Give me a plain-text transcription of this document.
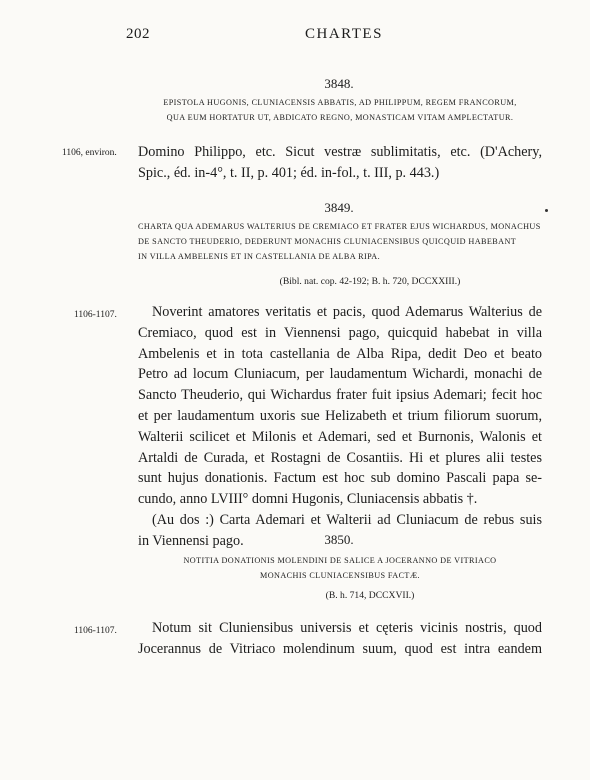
202	CHARTES
3848.
EPISTOLA HUGONIS, CLUNIACENSIS ABBATIS, AD PHILIPPUM, REGEM FRANCORUM,
QUA EUM HORTATUR UT, ABDICATO REGNO, MONASTICAM VITAM AMPLECTATUR.
1106, environ. Domino Philippo, etc. Sicut vestræ sublimitatis, etc. (D'Achery,
Spic., éd. in-4°, t. II, p. 401; éd. in-fol., t. III, p. 443.)
3849.
CHARTA QUA ADEMARUS WALTERIUS DE CREMIACO ET FRATER EJUS WICHARDUS, MONACHUS
DE SANCTO THEUDERIO, DEDERUNT MONACHIS CLUNIACENSIBUS QUICQUID HABEBANT
IN VILLA AMBELENIS ET IN CASTELLANIA DE ALBA RIPA.
(Bibl. nat. cop. 42-192; B. h. 720, DCCXXIII.)
1106-1107.	Noverint amatores veritatis et pacis, quod Ademarus Walterius de
Cremiaco, quod est in Viennensi pago, quicquid habebat in villa
Ambelenis et in tota castellania de Alba Ripa, dedit Deo et beato
Petro ad locum Cluniacum, per laudamentum Wichardi, monachi de
Sancto Theuderio, qui Wichardus frater fuit ipsius Ademari; fecit hoc
et per laudamentum uxoris sue Helizabeth et trium filiorum suorum,
Walterii scilicet et Milonis et Ademari, sed et Burnonis, Walonis et
Artaldi de Curada, et Rostagni de Cosantiis. Hi et plures alii testes
sunt hujus donationis. Factum est hoc sub domino Pascali papa se-
cundo, anno LVIII° domni Hugonis, Cluniacensis abbatis †.
(Au dos :) Carta Ademari et Walterii ad Cluniacum de rebus suis
in Viennensi pago.	3850.
NOTITIA DONATIONIS MOLENDINI DE SALICE A JOCERANNO DE VITRIACO
MONACHIS CLUNIACENSIBUS FACTÆ.
(B. h. 714, DCCXVII.)
1106-1107.	Notum sit Cluniensibus universis et cęteris vicinis nostris, quod
Jocerannus de Vitriaco molendinum suum, quod est intra eandem
